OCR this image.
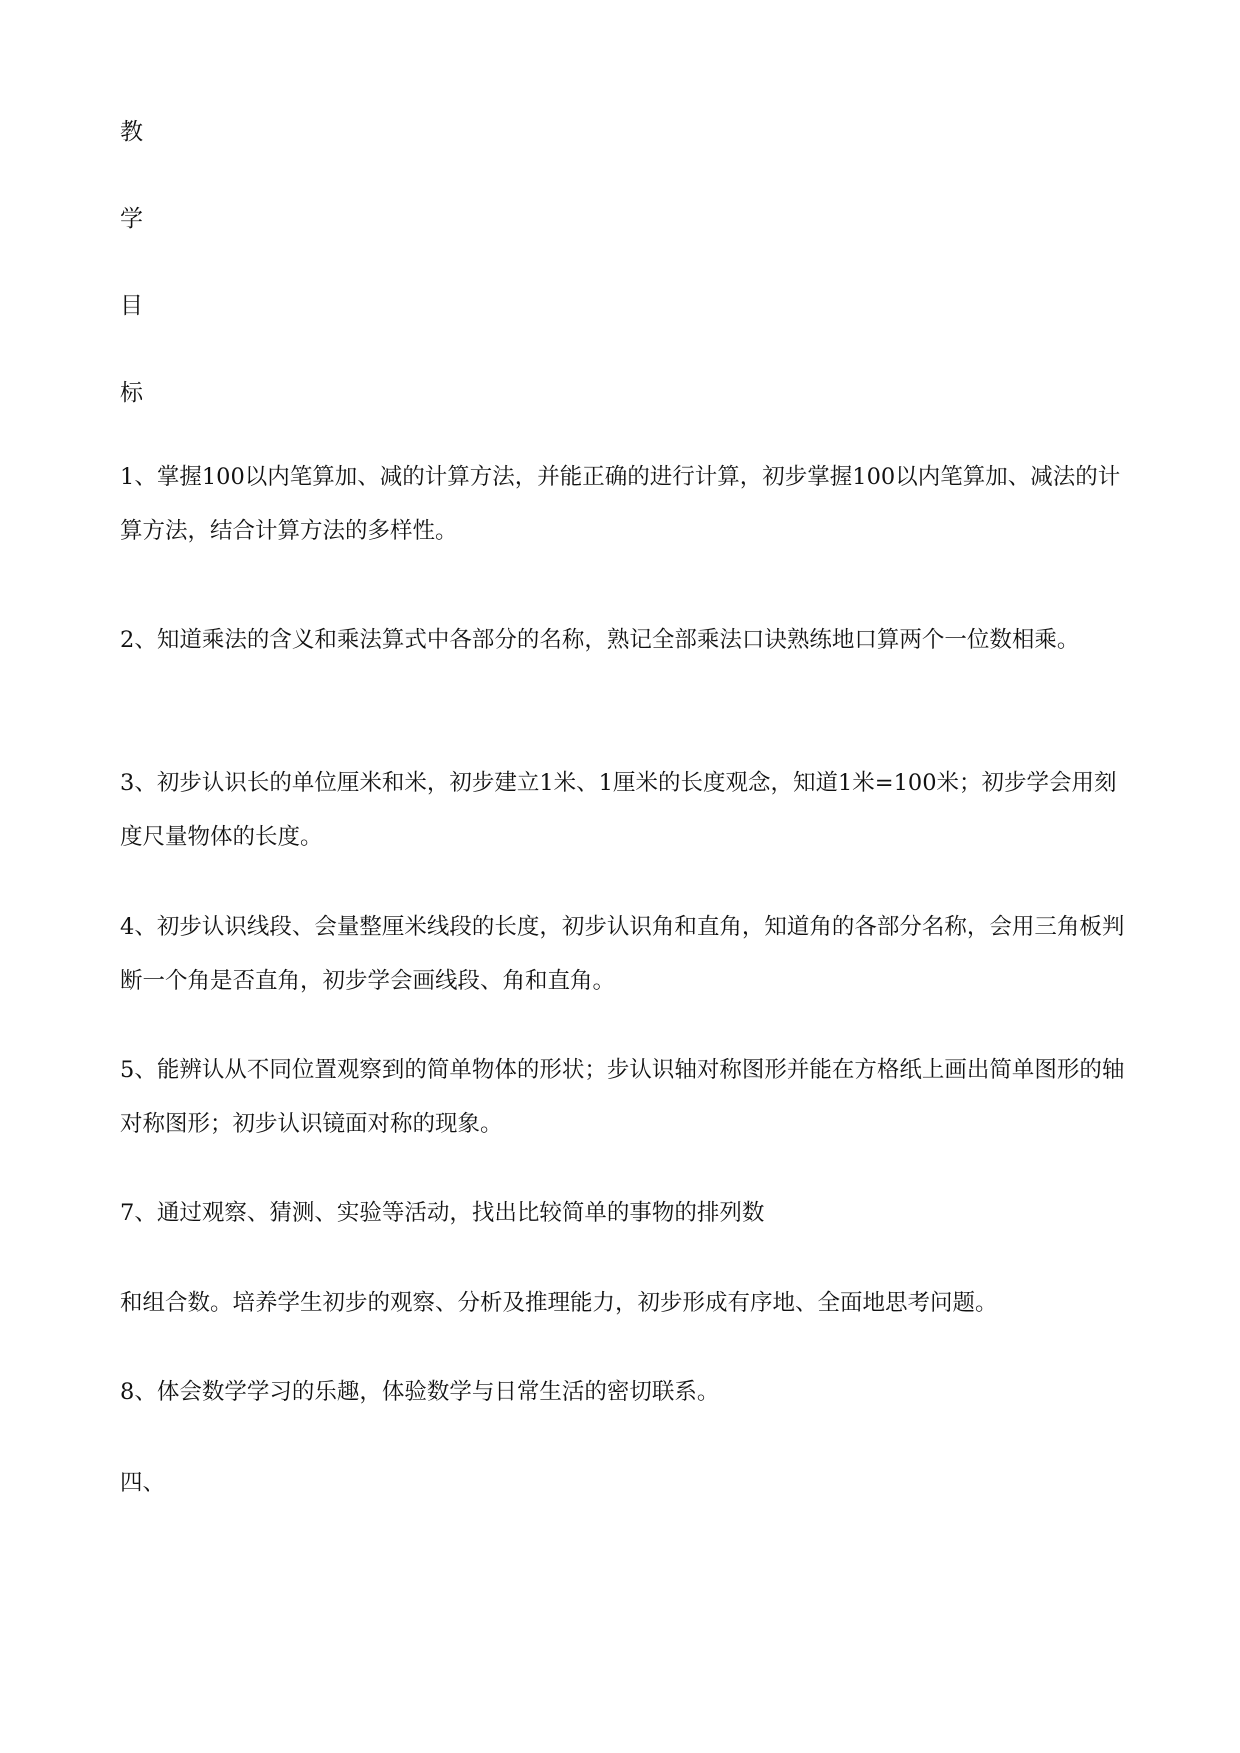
教
学
目
标

1、掌握100以内笔算加、减的计算方法，并能正确的进行计算，初步掌握100以内笔算加、减法的计算方法，结合计算方法的多样性。

2、知道乘法的含义和乘法算式中各部分的名称，熟记全部乘法口诀熟练地口算两个一位数相乘。

3、初步认识长的单位厘米和米，初步建立1米、1厘米的长度观念，知道1米=100米；初步学会用刻度尺量物体的长度。

4、初步认识线段、会量整厘米线段的长度，初步认识角和直角，知道角的各部分名称，会用三角板判断一个角是否直角，初步学会画线段、角和直角。

5、能辨认从不同位置观察到的简单物体的形状；步认识轴对称图形并能在方格纸上画出简单图形的轴对称图形；初步认识镜面对称的现象。

7、通过观察、猜测、实验等活动，找出比较简单的事物的排列数

和组合数。培养学生初步的观察、分析及推理能力，初步形成有序地、全面地思考问题。

8、体会数学学习的乐趣，体验数学与日常生活的密切联系。

四、
